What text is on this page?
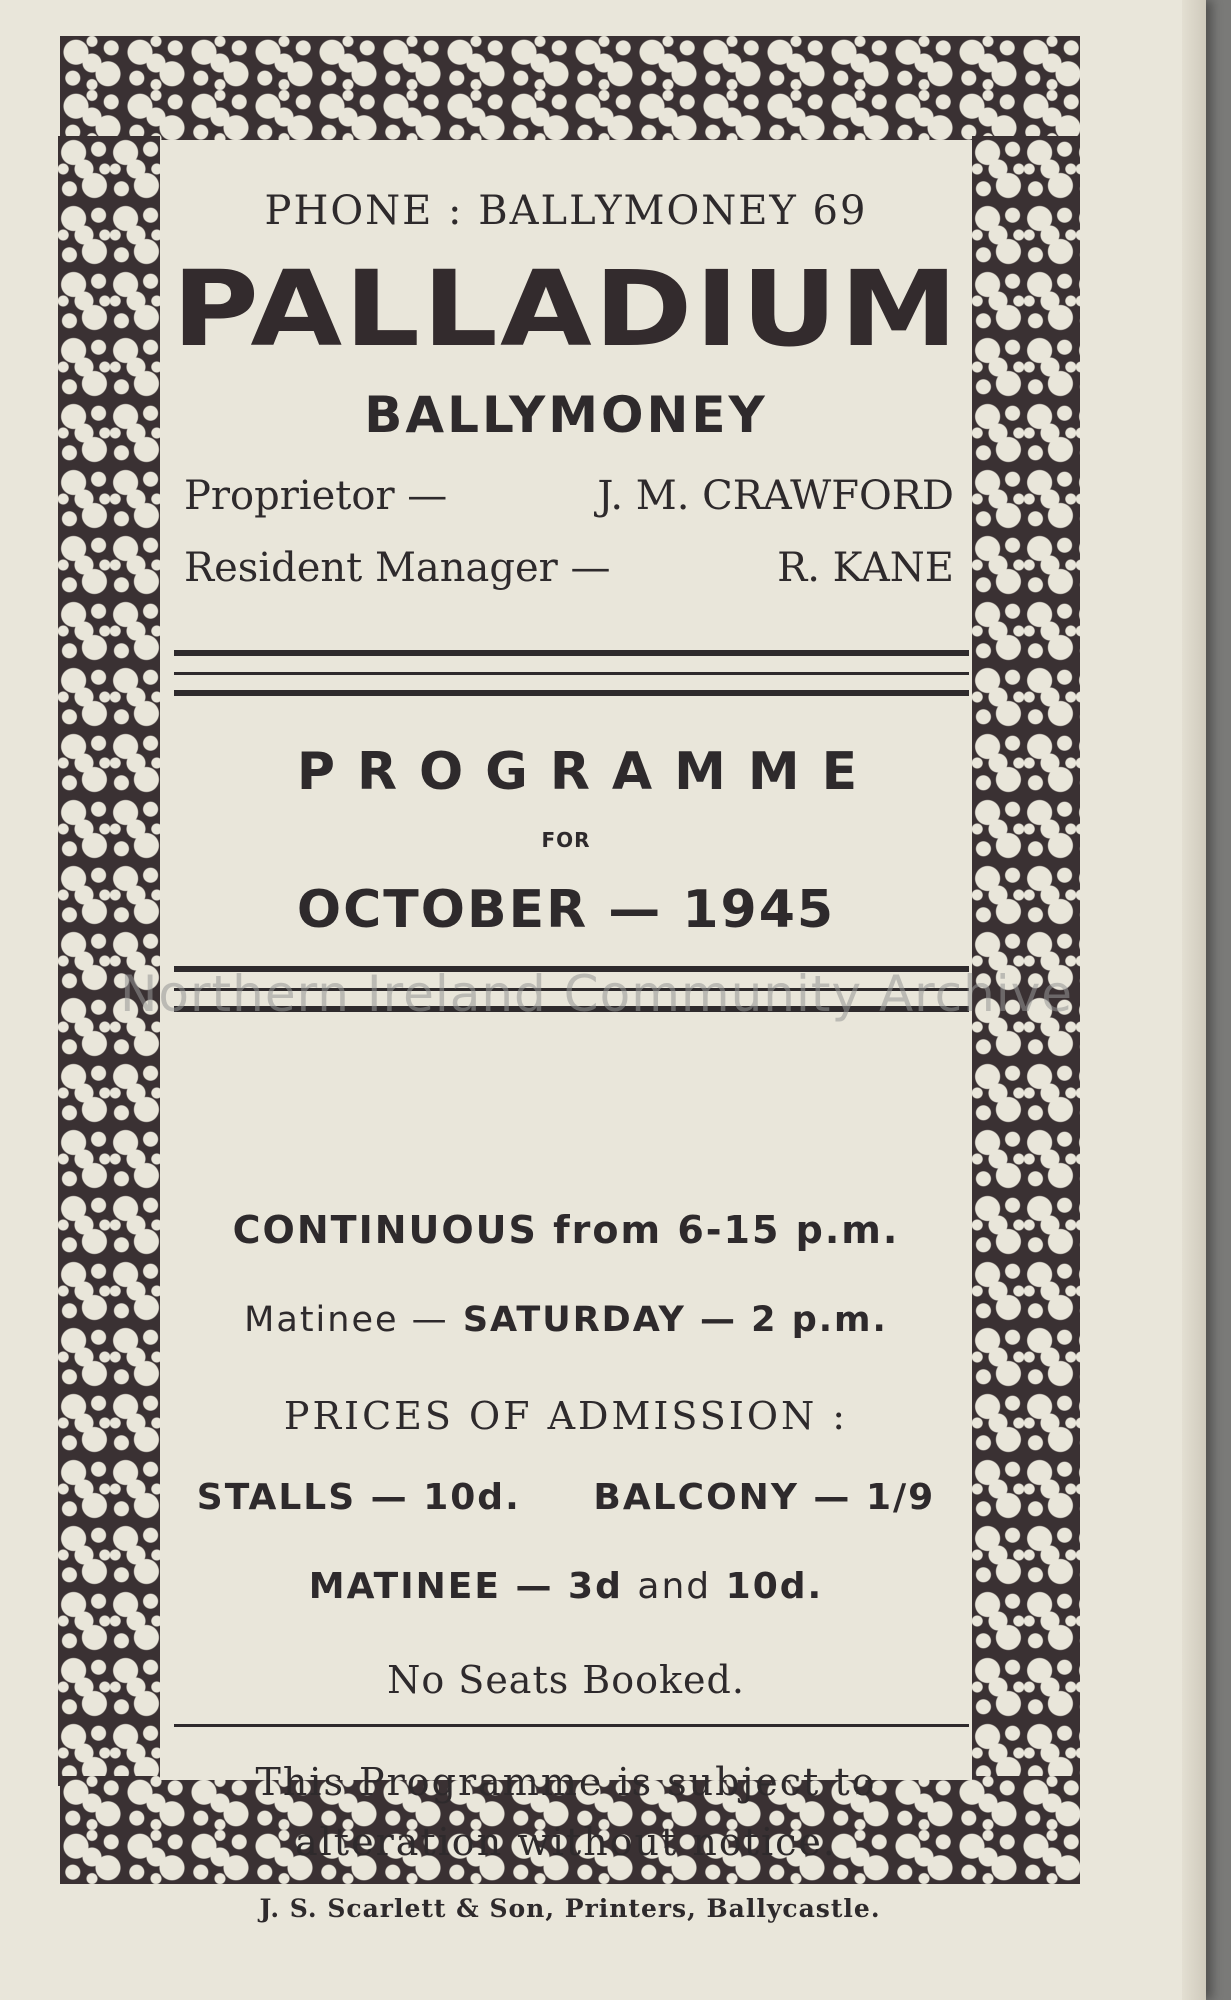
PHONE : BALLYMONEY 69
PALLADIUM
BALLYMONEY
Proprietor —	J. M. CRAWFORD
Resident Manager —	R. KANE
PROGRAMME
FOR
OCTOBER — 1945
CONTINUOUS from 6-15 p.m.
Matinee — SATURDAY — 2 p.m.
PRICES OF ADMISSION :
STALLS — 10d. BALCONY — 1/9
MATINEE — 3d and 10d.
No Seats Booked.
This Programme is subject to
alteration without notice.
Northern Ireland Community Archive
J. S. Scarlett & Son, Printers, Ballycastle.
